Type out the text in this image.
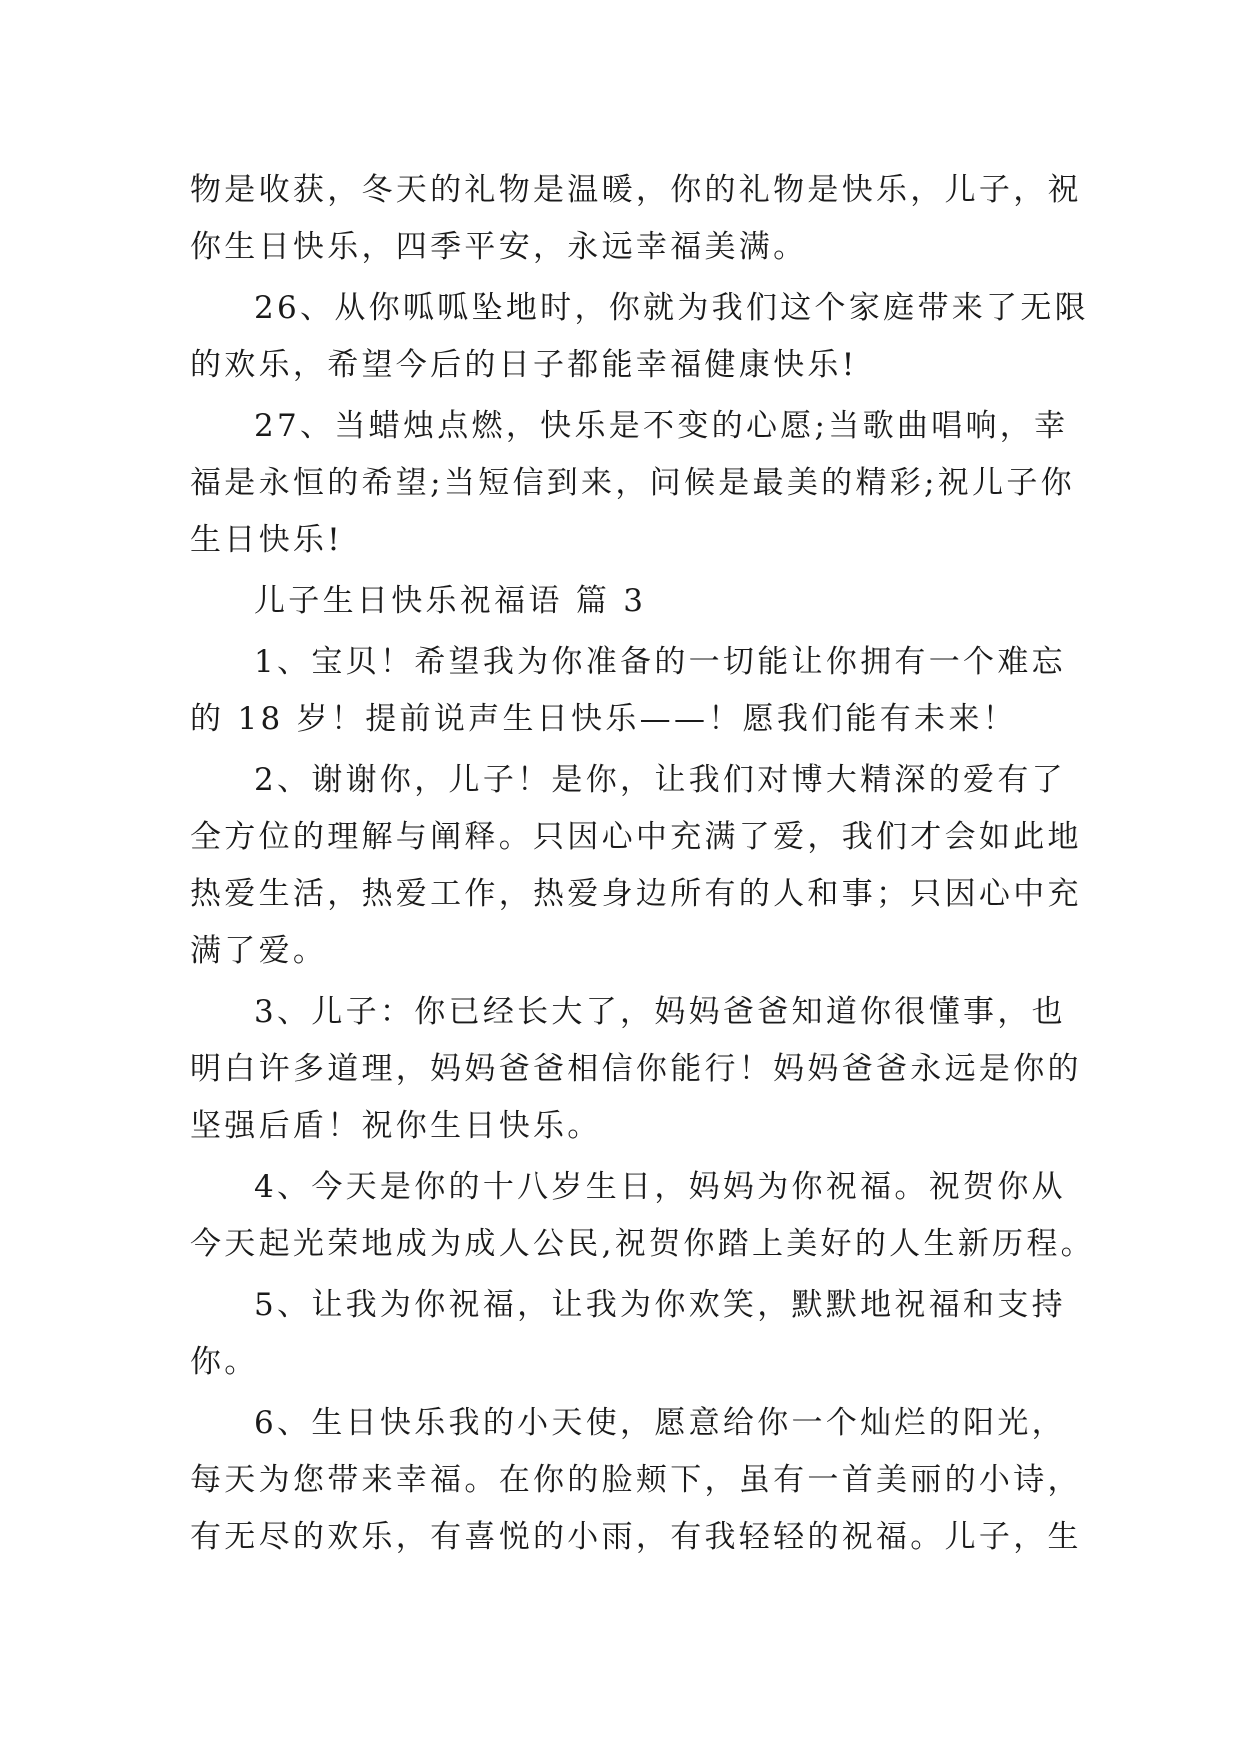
物是收获，冬天的礼物是温暖，你的礼物是快乐，儿子，祝
你生日快乐，四季平安，永远幸福美满。

26、从你呱呱坠地时，你就为我们这个家庭带来了无限
的欢乐，希望今后的日子都能幸福健康快乐!

27、当蜡烛点燃，快乐是不变的心愿;当歌曲唱响，幸
福是永恒的希望;当短信到来，问候是最美的精彩;祝儿子你
生日快乐!

儿子生日快乐祝福语 篇 3

1、宝贝！希望我为你准备的一切能让你拥有一个难忘
的 18 岁！提前说声生日快乐——！愿我们能有未来！

2、谢谢你，儿子！是你，让我们对博大精深的爱有了
全方位的理解与阐释。只因心中充满了爱，我们才会如此地
热爱生活，热爱工作，热爱身边所有的人和事；只因心中充
满了爱。

3、儿子：你已经长大了，妈妈爸爸知道你很懂事，也
明白许多道理，妈妈爸爸相信你能行！妈妈爸爸永远是你的
坚强后盾！祝你生日快乐。

4、今天是你的十八岁生日，妈妈为你祝福。祝贺你从
今天起光荣地成为成人公民,祝贺你踏上美好的人生新历程。

5、让我为你祝福，让我为你欢笑，默默地祝福和支持
你。

6、生日快乐我的小天使，愿意给你一个灿烂的阳光，
每天为您带来幸福。在你的脸颊下，虽有一首美丽的小诗，
有无尽的欢乐，有喜悦的小雨，有我轻轻的祝福。儿子，生
